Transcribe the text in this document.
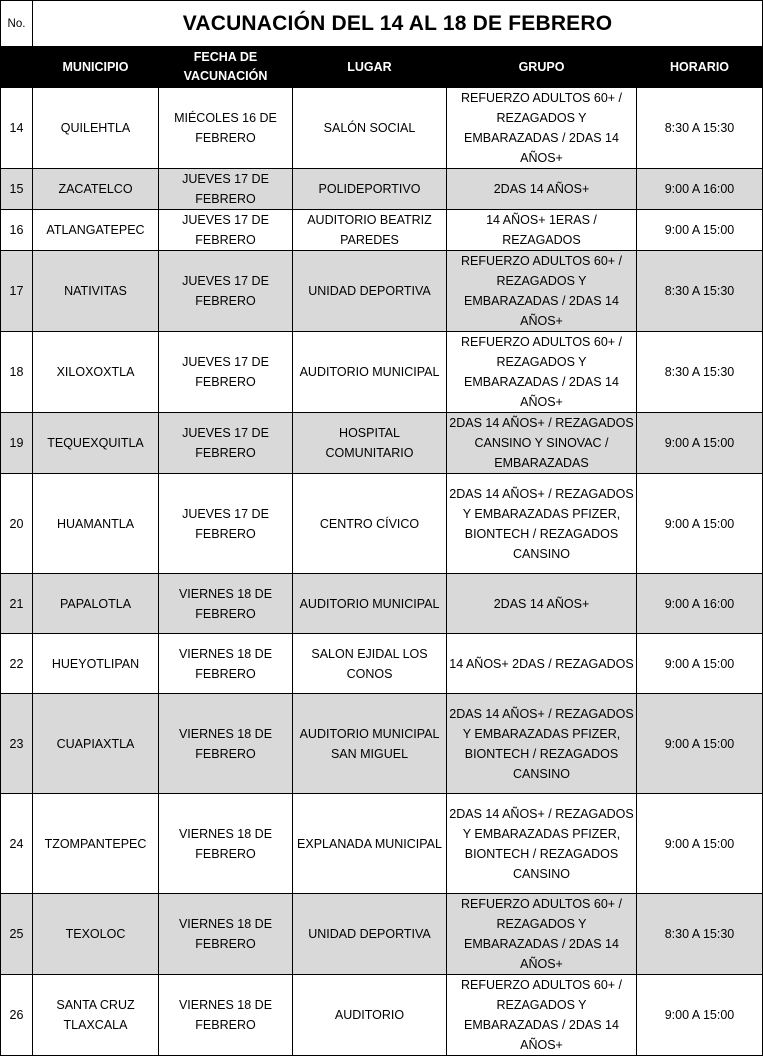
No.	VACUNACIÓN DEL 14 AL 18 DE FEBRERO				
	MUNICIPIO	FECHA DE VACUNACIÓN	LUGAR	GRUPO	HORARIO
14	QUILEHTLA	MIÉCOLES 16 DE FEBRERO	SALÓN SOCIAL	REFUERZO ADULTOS 60+ / REZAGADOS Y EMBARAZADAS / 2DAS 14 AÑOS+	8:30 A 15:30
15	ZACATELCO	JUEVES 17 DE FEBRERO	POLIDEPORTIVO	2DAS 14 AÑOS+	9:00 A 16:00
16	ATLANGATEPEC	JUEVES 17 DE FEBRERO	AUDITORIO BEATRIZ PAREDES	14 AÑOS+ 1ERAS / REZAGADOS	9:00 A 15:00
17	NATIVITAS	JUEVES 17 DE FEBRERO	UNIDAD DEPORTIVA	REFUERZO ADULTOS 60+ / REZAGADOS Y EMBARAZADAS / 2DAS 14 AÑOS+	8:30 A 15:30
18	XILOXOXTLA	JUEVES 17 DE FEBRERO	AUDITORIO MUNICIPAL	REFUERZO ADULTOS 60+ / REZAGADOS Y EMBARAZADAS / 2DAS 14 AÑOS+	8:30 A 15:30
19	TEQUEXQUITLA	JUEVES 17 DE FEBRERO	HOSPITAL COMUNITARIO	2DAS 14 AÑOS+ / REZAGADOS CANSINO Y SINOVAC / EMBARAZADAS	9:00 A 15:00
20	HUAMANTLA	JUEVES 17 DE FEBRERO	CENTRO CÍVICO	2DAS 14 AÑOS+ / REZAGADOS Y EMBARAZADAS PFIZER, BIONTECH / REZAGADOS CANSINO	9:00 A 15:00
21	PAPALOTLA	VIERNES 18 DE FEBRERO	AUDITORIO MUNICIPAL	2DAS 14 AÑOS+	9:00 A 16:00
22	HUEYOTLIPAN	VIERNES 18 DE FEBRERO	SALON EJIDAL LOS CONOS	14 AÑOS+ 2DAS / REZAGADOS	9:00 A 15:00
23	CUAPIAXTLA	VIERNES 18 DE FEBRERO	AUDITORIO MUNICIPAL SAN MIGUEL	2DAS 14 AÑOS+ / REZAGADOS Y EMBARAZADAS PFIZER, BIONTECH / REZAGADOS CANSINO	9:00 A 15:00
24	TZOMPANTEPEC	VIERNES 18 DE FEBRERO	EXPLANADA MUNICIPAL	2DAS 14 AÑOS+ / REZAGADOS Y EMBARAZADAS PFIZER, BIONTECH / REZAGADOS CANSINO	9:00 A 15:00
25	TEXOLOC	VIERNES 18 DE FEBRERO	UNIDAD DEPORTIVA	REFUERZO ADULTOS 60+ / REZAGADOS Y EMBARAZADAS / 2DAS 14 AÑOS+	8:30 A 15:30
26	SANTA CRUZ TLAXCALA	VIERNES 18 DE FEBRERO	AUDITORIO	REFUERZO ADULTOS 60+ / REZAGADOS Y EMBARAZADAS / 2DAS 14 AÑOS+	9:00 A 15:00
